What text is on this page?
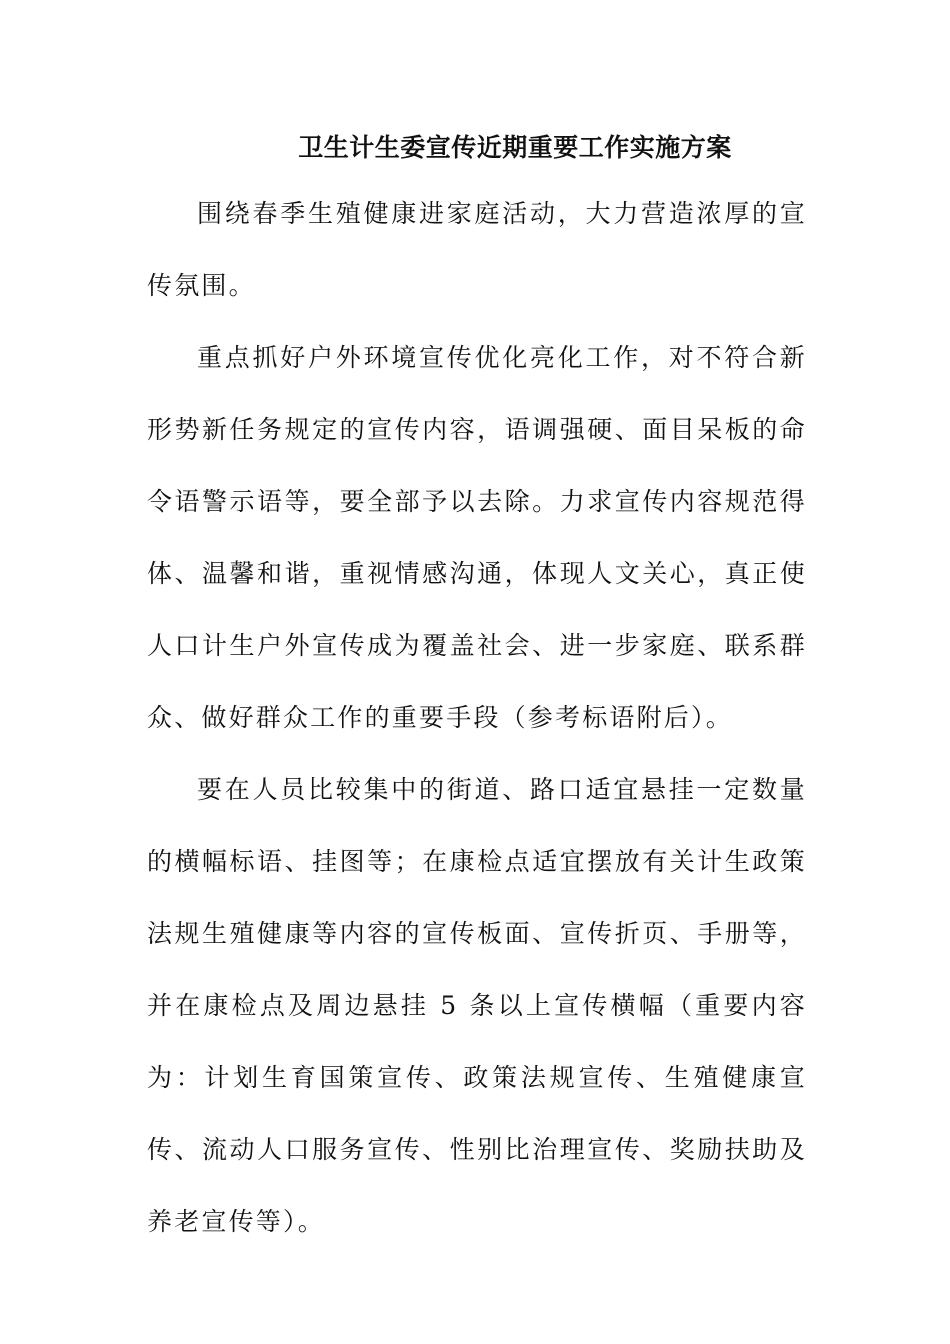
卫生计生委宣传近期重要工作实施方案

围绕春季生殖健康进家庭活动，大力营造浓厚的宣传氛围。

重点抓好户外环境宣传优化亮化工作，对不符合新形势新任务规定的宣传内容，语调强硬、面目呆板的命令语警示语等，要全部予以去除。力求宣传内容规范得体、温馨和谐，重视情感沟通，体现人文关心，真正使人口计生户外宣传成为覆盖社会、进一步家庭、联系群众、做好群众工作的重要手段（参考标语附后）。

要在人员比较集中的街道、路口适宜悬挂一定数量的横幅标语、挂图等；在康检点适宜摆放有关计生政策法规生殖健康等内容的宣传板面、宣传折页、手册等，并在康检点及周边悬挂 5 条以上宣传横幅（重要内容为：计划生育国策宣传、政策法规宣传、生殖健康宣传、流动人口服务宣传、性别比治理宣传、奖励扶助及养老宣传等）。
